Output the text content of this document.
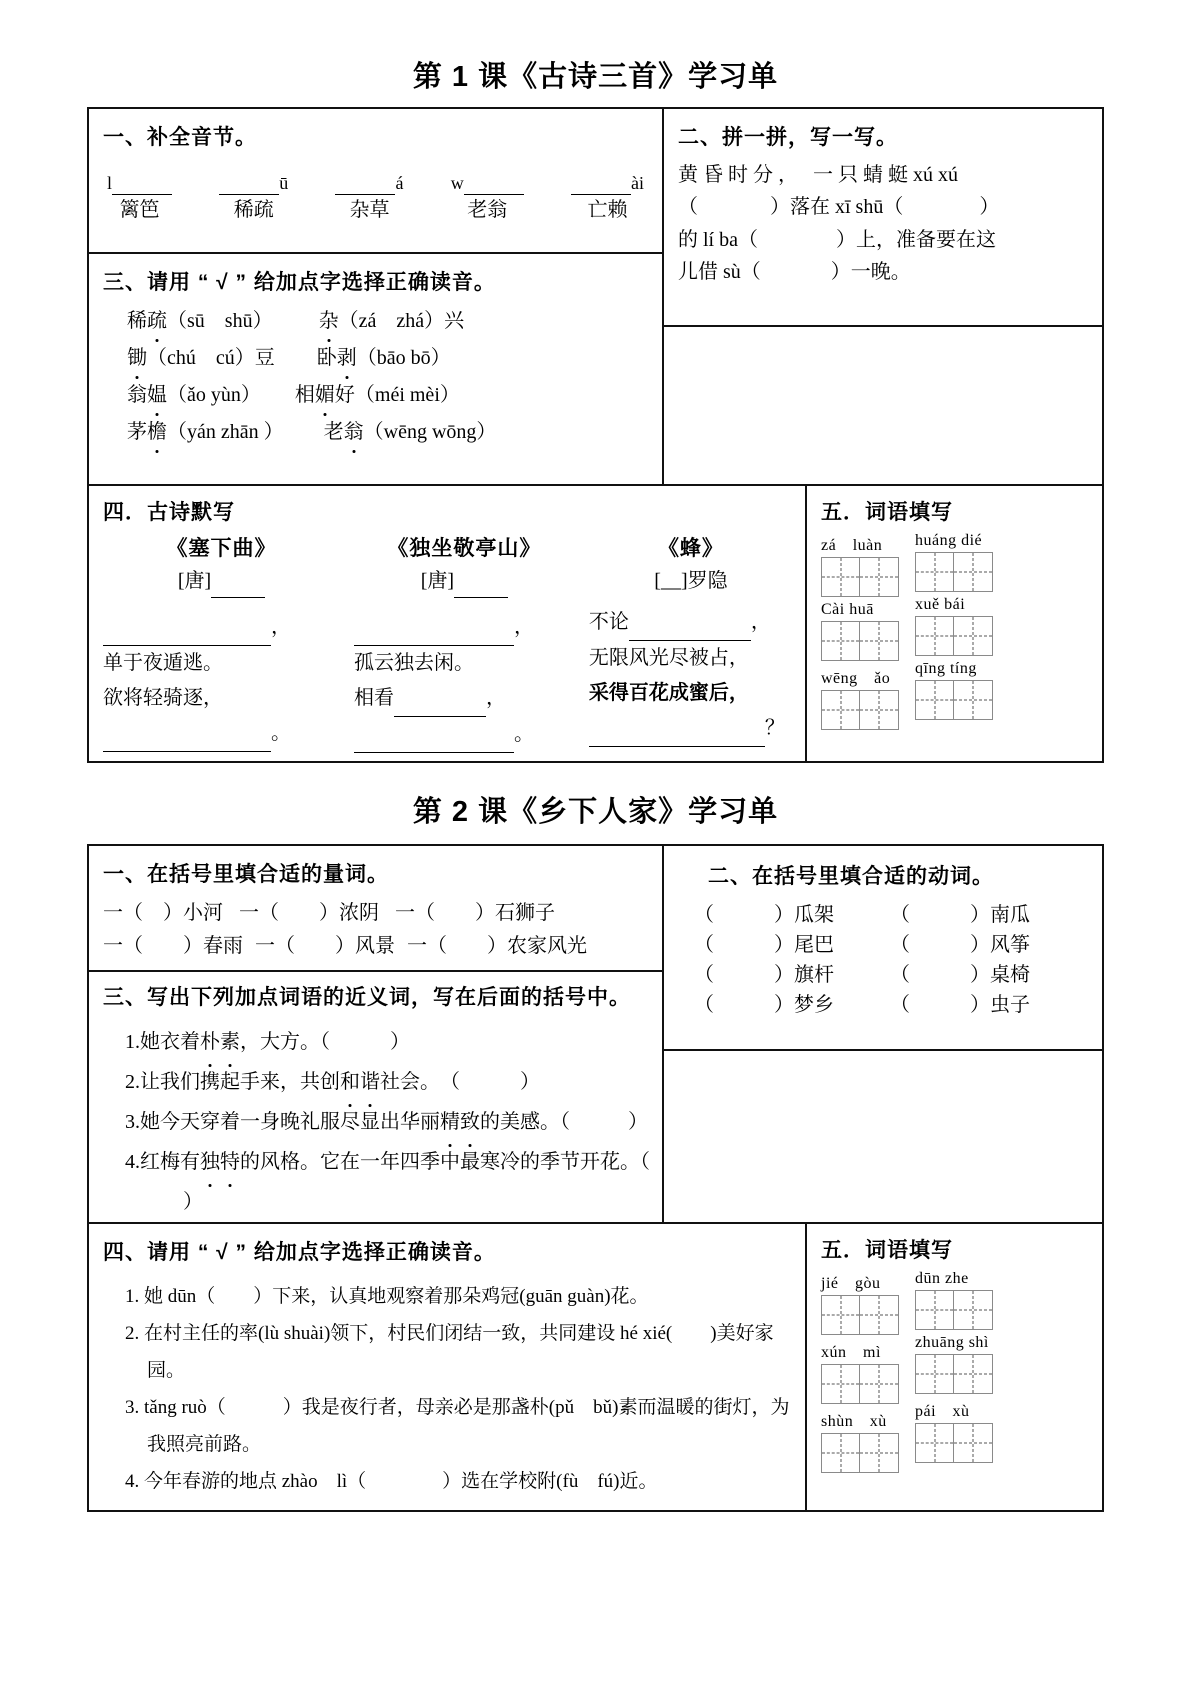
第 1 课《古诗三首》学习单
一、补全音节。
l
篱笆
ū
稀疏
á
杂草
w
老翁
ài
亡赖
三、请用 “ √ ” 给加点字选择正确读音。
稀疏（sū　shū） 杂（zá　zhá）兴
锄（chú　cú）豆 卧剥（bāo bō）
翁媪（ǎo yùn） 相媚好（méi mèi）
茅檐（yán zhān ） 老翁（wēng wōng）
二、拼一拼，写一写。
黄 昏 时 分 ，　 一 只 蜻 蜓 xú xú
（	）落在 xī shū（	）
的 lí ba（	）上，准备要在这
儿借 sù（	）一晚。
四．古诗默写
《塞下曲》
[唐]
，
单于夜遁逃。
欲将轻骑逐，
。
《独坐敬亭山》
[唐]
，
孤云独去闲。
相看	，
。
《蜂》
[__]罗隐
不论	，
无限风光尽被占，
采得百花成蜜后，
？
五．词语填写
zá　luàn
Cài huā
wēng　ǎo
huáng dié
xuě bái
qīng tíng
第 2 课《乡下人家》学习单
一、在括号里填合适的量词。
一（　）小河 一（　　）浓阴 一（　　）石狮子
一（　　）春雨 一（　　）风景 一（　　）农家风光
三、写出下列加点词语的近义词，写在后面的括号中。
1.她衣着朴素，大方。（	）
2.让我们携起手来，共创和谐社会。　（	）
3.她今天穿着一身晚礼服尽显出华丽精致的美感。（	）
4.红梅有独特的风格。它在一年四季中最寒冷的季节开花。（）
二、在括号里填合适的动词。
（　　　）瓜架	（　　　）南瓜
（　　　）尾巴	（　　　）风筝
（　　　）旗杆	（　　　）桌椅
（　　　）梦乡	（　　　）虫子
四、请用 “ √ ” 给加点字选择正确读音。
1. 她 dūn（　　）下来，认真地观察着那朵鸡冠(guān guàn)花。
2. 在村主任的率(lù shuài)领下，村民们闭结一致，共同建设 hé xié(　　)美好家园。
3. tǎng ruò（　　　）我是夜行者，母亲必是那盏朴(pǔ　bǔ)素而温暖的街灯，为我照亮前路。
4. 今年春游的地点 zhào　lì（　　　　）选在学校附(fù　fú)近。
五．词语填写
jié　gòu
xún　mì
shùn　xù
dūn zhe
zhuāng shì
pái　xù
